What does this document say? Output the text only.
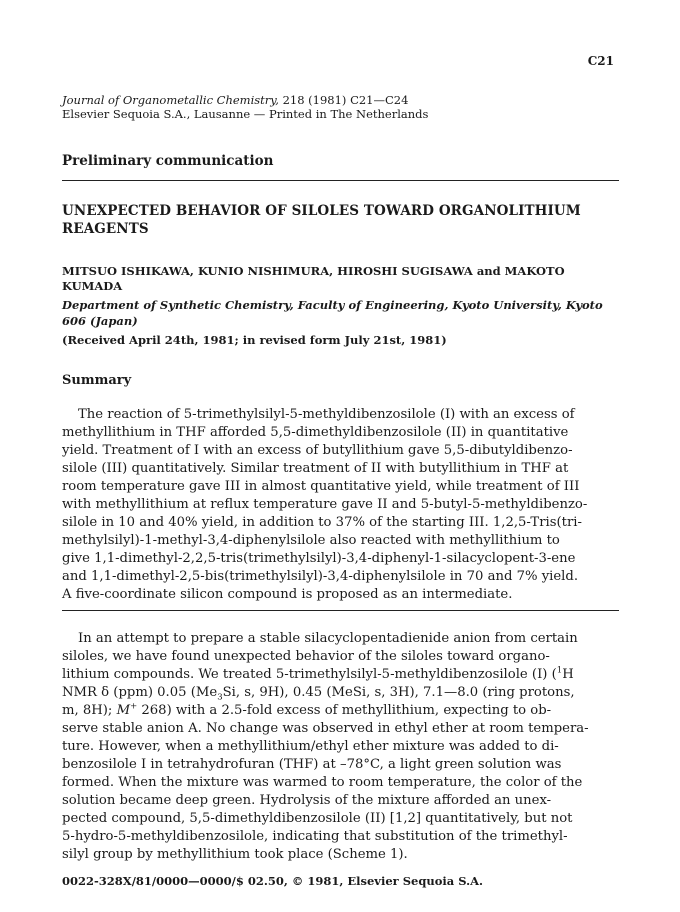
C21
Journal of Organometallic Chemistry, 218 (1981) C21—C24
Elsevier Sequoia S.A., Lausanne — Printed in The Netherlands
Preliminary communication
UNEXPECTED BEHAVIOR OF SILOLES TOWARD ORGANOLITHIUM REAGENTS
MITSUO ISHIKAWA, KUNIO NISHIMURA, HIROSHI SUGISAWA and MAKOTO KUMADA
Department of Synthetic Chemistry, Faculty of Engineering, Kyoto University, Kyoto 606 (Japan)
(Received April 24th, 1981; in revised form July 21st, 1981)
Summary
The reaction of 5-trimethylsilyl-5-methyldibenzosilole (I) with an excess of
methyllithium in THF afforded 5,5-dimethyldibenzosilole (II) in quantitative
yield. Treatment of I with an excess of butyllithium gave 5,5-dibutyldibenzo-
silole (III) quantitatively. Similar treatment of II with butyllithium in THF at
room temperature gave III in almost quantitative yield, while treatment of III
with methyllithium at reflux temperature gave II and 5-butyl-5-methyldibenzo-
silole in 10 and 40% yield, in addition to 37% of the starting III. 1,2,5-Tris(tri-
methylsilyl)-1-methyl-3,4-diphenylsilole also reacted with methyllithium to
give 1,1-dimethyl-2,2,5-tris(trimethylsilyl)-3,4-diphenyl-1-silacyclopent-3-ene
and 1,1-dimethyl-2,5-bis(trimethylsilyl)-3,4-diphenylsilole in 70 and 7% yield.
A five-coordinate silicon compound is proposed as an intermediate.
In an attempt to prepare a stable silacyclopentadienide anion from certain
siloles, we have found unexpected behavior of the siloles toward organo-
lithium compounds. We treated 5-trimethylsilyl-5-methyldibenzosilole (I) ($^1$H
NMR δ (ppm) 0.05 ($Me_3Si$, s, 9H), 0.45 (MeSi, s, 3H), 7.1—8.0 (ring protons,
m, 8H); M+ 268) with a 2.5-fold excess of methyllithium, expecting to ob-
serve stable anion A. No change was observed in ethyl ether at room tempera-
ture. However, when a methyllithium/ethyl ether mixture was added to di-
benzosilole I in tetrahydrofuran (THF) at –78°C, a light green solution was
formed. When the mixture was warmed to room temperature, the color of the
solution became deep green. Hydrolysis of the mixture afforded an unex-
pected compound, 5,5-dimethyldibenzosilole (II) [1,2] quantitatively, but not
5-hydro-5-methyldibenzosilole, indicating that substitution of the trimethyl-
silyl group by methyllithium took place (Scheme 1).
0022-328X/81/0000—0000/$ 02.50, © 1981, Elsevier Sequoia S.A.
